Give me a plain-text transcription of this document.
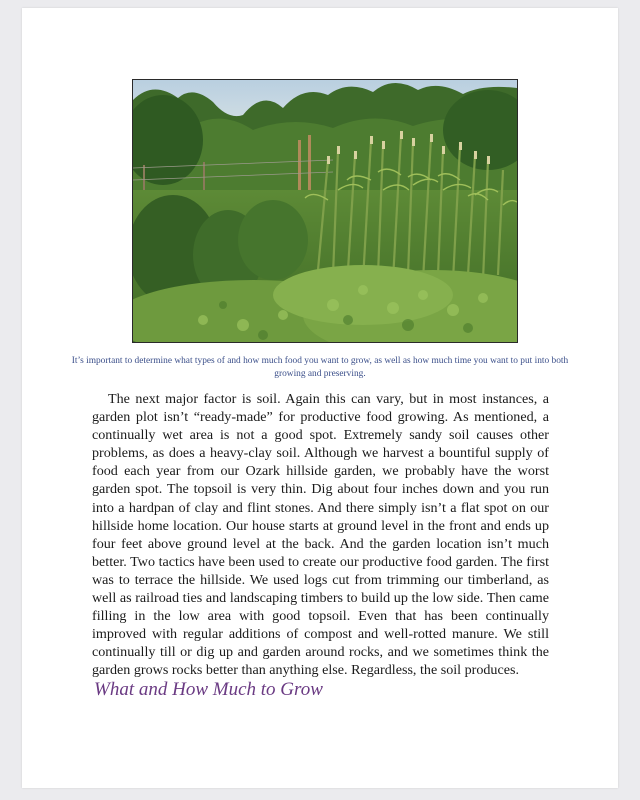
It’s important to determine what types of and how much food you want to grow, as well as how much time you want to put into both growing and preserving.

The next major factor is soil. Again this can vary, but in most instances, a garden plot isn’t “ready-made” for productive food growing. As mentioned, a continually wet area is not a good spot. Extremely sandy soil causes other problems, as does a heavy-clay soil. Although we harvest a bountiful supply of food each year from our Ozark hillside garden, we probably have the worst garden spot. The topsoil is very thin. Dig about four inches down and you run into a hardpan of clay and flint stones. And there simply isn’t a flat spot on our hillside home location. Our house starts at ground level in the front and ends up four feet above ground level at the back. And the garden location isn’t much better. Two tactics have been used to create our productive food garden. The first was to terrace the hillside. We used logs cut from trimming our timberland, as well as railroad ties and landscaping timbers to build up the low side. Then came filling in the low area with good topsoil. Even that has been continually improved with regular additions of compost and well-rotted manure. We still continually till or dig up and garden around rocks, and we sometimes think the garden grows rocks better than anything else. Regardless, the soil produces.

What and How Much to Grow
